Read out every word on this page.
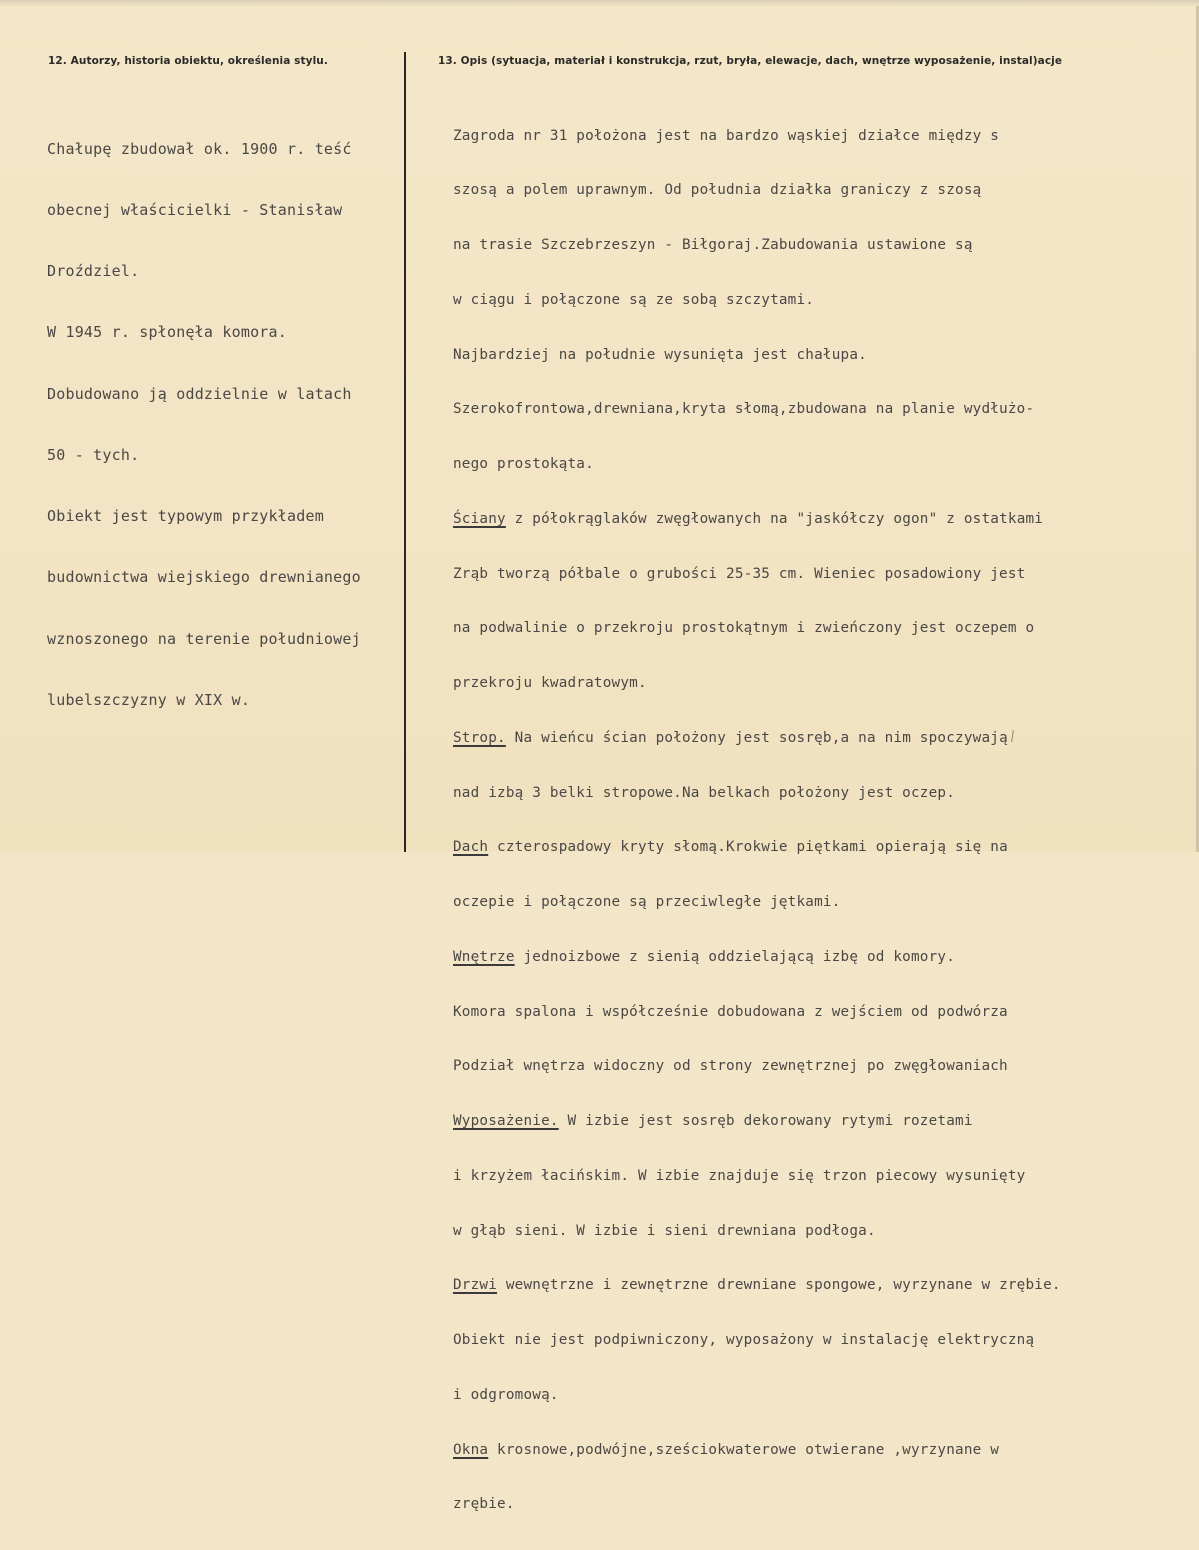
12. Autorzy, historia obiektu, określenia stylu.	13. Opis (sytuacja, materiał i konstrukcja, rzut, bryła, elewacje, dach, wnętrze wyposażenie, instal)acje

Chałupę zbudował ok. 1900 r. teść

obecnej właścicielki - Stanisław

Droździel.

W 1945 r. spłonęła komora.

Dobudowano ją oddzielnie w latach

50 - tych.

Obiekt jest typowym przykładem

budownictwa wiejskiego drewnianego

wznoszonego na terenie południowej

lubelszczyzny w XIX w.

Zagroda nr 31 położona jest na bardzo wąskiej działce między s

szosą a polem uprawnym. Od południa działka graniczy z szosą

na trasie Szczebrzeszyn - Biłgoraj.Zabudowania ustawione są

w ciągu i połączone są ze sobą szczytami.

Najbardziej na południe wysunięta jest chałupa.

Szerokofrontowa,drewniana,kryta słomą,zbudowana na planie wydłużo-

nego prostokąta.

Ściany z półokrąglaków zwęgłowanych na "jaskółczy ogon" z ostatkami

Zrąb tworzą półbale o grubości 25-35 cm. Wieniec posadowiony jest

na podwalinie o przekroju prostokątnym i zwieńczony jest oczepem o

przekroju kwadratowym.

Strop. Na wieńcu ścian położony jest sosręb,a na nim spoczywają

nad izbą 3 belki stropowe.Na belkach położony jest oczep.

Dach czterospadowy kryty słomą.Krokwie piętkami opierają się na

oczepie i połączone są przeciwległe jętkami.

Wnętrze jednoizbowe z sienią oddzielającą izbę od komory.

Komora spalona i współcześnie dobudowana z wejściem od podwórza

Podział wnętrza widoczny od strony zewnętrznej po zwęgłowaniach

Wyposażenie. W izbie jest sosręb dekorowany rytymi rozetami

i krzyżem łacińskim. W izbie znajduje się trzon piecowy wysunięty

w głąb sieni. W izbie i sieni drewniana podłoga.

Drzwi wewnętrzne i zewnętrzne drewniane spongowe, wyrzynane w zrębie.

Obiekt nie jest podpiwniczony, wyposażony w instalację elektryczną

i odgromową.

Okna krosnowe,podwójne,sześciokwaterowe otwierane ,wyrzynane w

zrębie.
